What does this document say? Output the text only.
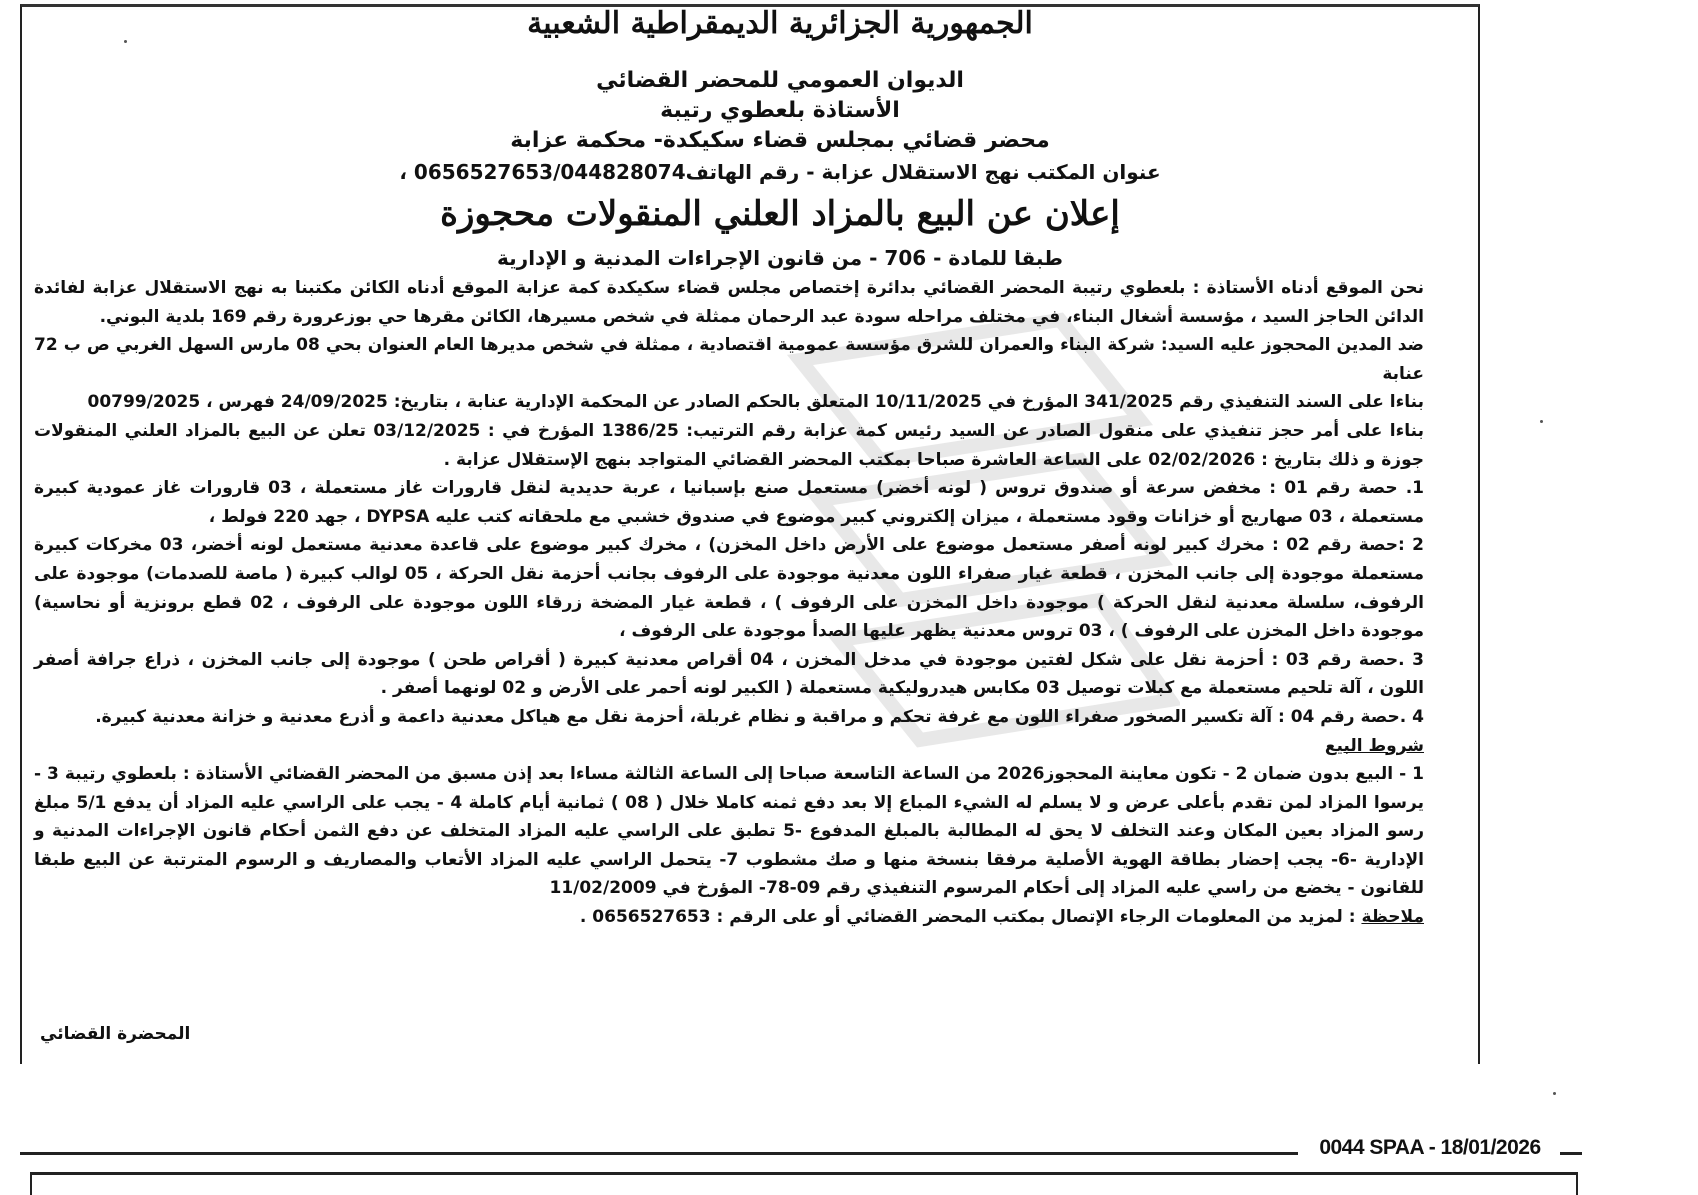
الجمهورية الجزائرية الديمقراطية الشعبية
الديوان العمومي للمحضر القضائي
الأستاذة بلعطوي رتيبة
محضر قضائي بمجلس قضاء سكيكدة- محكمة عزابة
عنوان المكتب نهج الاستقلال عزابة - رقم الهاتف0656527653/044828074 ،
إعلان عن البيع بالمزاد العلني المنقولات محجوزة
طبقا للمادة - 706 - من قانون الإجراءات المدنية و الإدارية

نحن الموقع أدناه الأستاذة : بلعطوي رتيبة المحضر القضائي بدائرة إختصاص مجلس قضاء سكيكدة كمة عزابة الموقع أدناه الكائن مكتبنا به نهج الاستقلال عزابة لفائدة الدائن الحاجز السيد ، مؤسسة أشغال البناء، في مختلف مراحله سودة عبد الرحمان ممثلة في شخص مسيرها، الكائن مقرها حي بوزعرورة رقم 169 بلدية البوني.

ضد المدين المحجوز عليه السيد: شركة البناء والعمران للشرق مؤسسة عمومية اقتصادية ، ممثلة في شخص مديرها العام العنوان بحي 08 مارس السهل الغربي ص ب 72 عنابة

بناءا على السند التنفيذي رقم 341/2025 المؤرخ في 10/11/2025 المتعلق بالحكم الصادر عن المحكمة الإدارية عنابة ، بتاريخ: 24/09/2025 فهرس ، 00799/2025

بناءا على أمر حجز تنفيذي على منقول الصادر عن السيد رئيس كمة عزابة رقم الترتيب: 1386/25 المؤرخ في : 03/12/2025 تعلن عن البيع بالمزاد العلني المنقولات جوزة و ذلك بتاريخ : 02/02/2026 على الساعة العاشرة صباحا بمكتب المحضر القضائي المتواجد بنهج الإستقلال عزابة .

1. حصة رقم 01 : مخفض سرعة أو صندوق تروس ( لونه أخضر) مستعمل صنع بإسبانيا ، عربة حديدية لنقل قارورات غاز مستعملة ، 03 قارورات غاز عمودية كبيرة مستعملة ، 03 صهاريج أو خزانات وقود مستعملة ، ميزان إلكتروني كبير موضوع في صندوق خشبي مع ملحقاته كتب عليه DYPSA ، جهد 220 فولط ،

2 :حصة رقم 02 : مخرك كبير لونه أصفر مستعمل موضوع على الأرض داخل المخزن) ، مخرك كبير موضوع على قاعدة معدنية مستعمل لونه أخضر، 03 مخركات كبيرة مستعملة موجودة إلى جانب المخزن ، قطعة غيار صفراء اللون معدنية موجودة على الرفوف بجانب أحزمة نقل الحركة ، 05 لوالب كبيرة ( ماصة للصدمات) موجودة على الرفوف، سلسلة معدنية لنقل الحركة ) موجودة داخل المخزن على الرفوف ) ، قطعة غيار المضخة زرقاء اللون موجودة على الرفوف ، 02 قطع برونزية أو نحاسية) موجودة داخل المخزن على الرفوف ) ، 03 تروس معدنية يظهر عليها الصدأ موجودة على الرفوف ،

3 .حصة رقم 03 : أحزمة نقل على شكل لفتين موجودة في مدخل المخزن ، 04 أقراص معدنية كبيرة ( أقراص طحن ) موجودة إلى جانب المخزن ، ذراع جرافة أصفر اللون ، آلة تلحيم مستعملة مع كبلات توصيل 03 مكابس هيدروليكية مستعملة ( الكبير لونه أحمر على الأرض و 02 لونهما أصفر .

4 .حصة رقم 04 : آلة تكسير الصخور صفراء اللون مع غرفة تحكم و مراقبة و نظام غربلة، أحزمة نقل مع هياكل معدنية داعمة و أذرع معدنية و خزانة معدنية كبيرة.

شروط البيع

1 - البيع بدون ضمان 2 - تكون معاينة المحجوز2026 من الساعة التاسعة صباحا إلى الساعة الثالثة مساءا بعد إذن مسبق من المحضر القضائي الأستاذة : بلعطوي رتيبة 3 - يرسوا المزاد لمن تقدم بأعلى عرض و لا يسلم له الشيء المباع إلا بعد دفع ثمنه كاملا خلال ( 08 ) ثمانية أيام كاملة 4 - يجب على الراسي عليه المزاد أن يدفع 5/1 مبلغ رسو المزاد بعين المكان وعند التخلف لا يحق له المطالبة بالمبلغ المدفوع -5 تطبق على الراسي عليه المزاد المتخلف عن دفع الثمن أحكام قانون الإجراءات المدنية و الإدارية -6- يجب إحضار بطاقة الهوية الأصلية مرفقا بنسخة منها و صك مشطوب 7- يتحمل الراسي عليه المزاد الأتعاب والمصاريف و الرسوم المترتبة عن البيع طبقا للقانون - يخضع من راسي عليه المزاد إلى أحكام المرسوم التنفيذي رقم 09-78- المؤرخ في 11/02/2009

ملاحظة : لمزيد من المعلومات الرجاء الإتصال بمكتب المحضر القضائي أو على الرقم : 0656527653 .

المحضرة القضائي
0044 SPAA - 18/01/2026
